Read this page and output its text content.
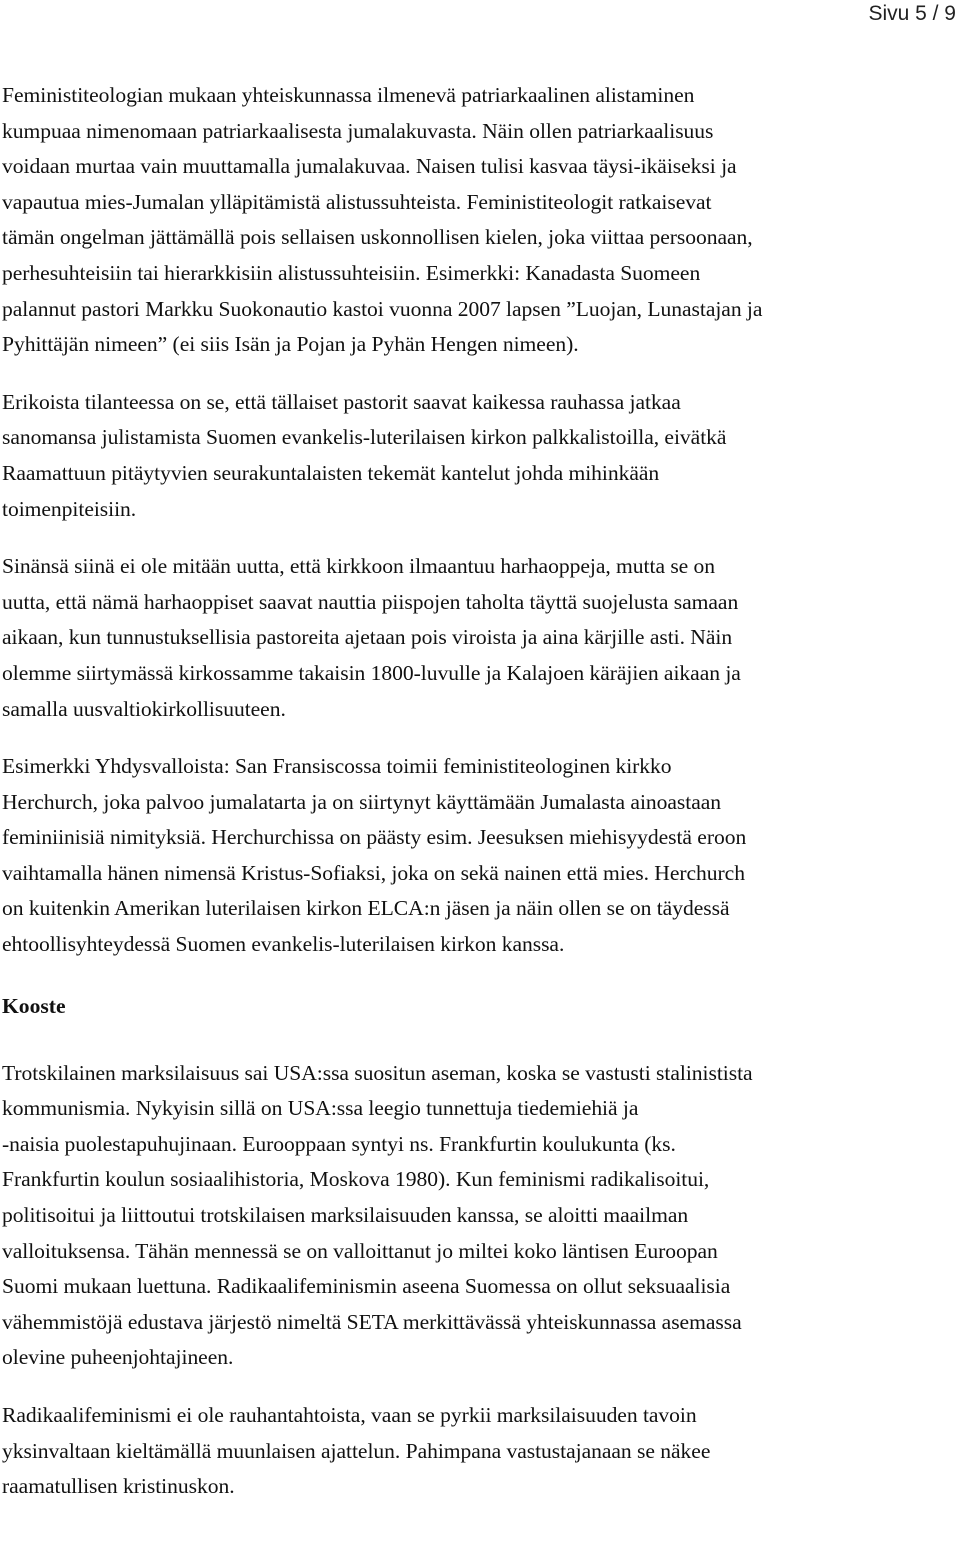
Sivu 5 / 9
Feministiteologian mukaan yhteiskunnassa ilmenevä patriarkaalinen alistaminen
kumpuaa nimenomaan patriarkaalisesta jumalakuvasta. Näin ollen patriarkaalisuus
voidaan murtaa vain muuttamalla jumalakuvaa. Naisen tulisi kasvaa täysi-ikäiseksi ja
vapautua mies-Jumalan ylläpitämistä alistussuhteista. Feministiteologit ratkaisevat
tämän ongelman jättämällä pois sellaisen uskonnollisen kielen, joka viittaa persoonaan,
perhesuhteisiin tai hierarkkisiin alistussuhteisiin. Esimerkki: Kanadasta Suomeen
palannut pastori Markku Suokonautio kastoi vuonna 2007 lapsen ”Luojan, Lunastajan ja
Pyhittäjän nimeen” (ei siis Isän ja Pojan ja Pyhän Hengen nimeen).
Erikoista tilanteessa on se, että tällaiset pastorit saavat kaikessa rauhassa jatkaa
sanomansa julistamista Suomen evankelis-luterilaisen kirkon palkkalistoilla, eivätkä
Raamattuun pitäytyvien seurakuntalaisten tekemät kantelut johda mihinkään
toimenpiteisiin.
Sinänsä siinä ei ole mitään uutta, että kirkkoon ilmaantuu harhaoppeja, mutta se on
uutta, että nämä harhaoppiset saavat nauttia piispojen taholta täyttä suojelusta samaan
aikaan, kun tunnustuksellisia pastoreita ajetaan pois viroista ja aina kärjille asti. Näin
olemme siirtymässä kirkossamme takaisin 1800-luvulle ja Kalajoen käräjien aikaan ja
samalla uusvaltiokirkollisuuteen.
Esimerkki Yhdysvalloista: San Fransiscossa toimii feministiteologinen kirkko
Herchurch, joka palvoo jumalatarta ja on siirtynyt käyttämään Jumalasta ainoastaan
feminiinisiä nimityksiä. Herchurchissa on päästy esim. Jeesuksen miehisyydestä eroon
vaihtamalla hänen nimensä Kristus-Sofiaksi, joka on sekä nainen että mies. Herchurch
on kuitenkin Amerikan luterilaisen kirkon ELCA:n jäsen ja näin ollen se on täydessä
ehtoollisyhteydessä Suomen evankelis-luterilaisen kirkon kanssa.
Kooste
Trotskilainen marksilaisuus sai USA:ssa suositun aseman, koska se vastusti stalinistista
kommunismia. Nykyisin sillä on USA:ssa leegio tunnettuja tiedemiehiä ja
-naisia puolestapuhujinaan. Eurooppaan syntyi ns. Frankfurtin koulukunta (ks.
Frankfurtin koulun sosiaalihistoria, Moskova 1980). Kun feminismi radikalisoitui,
politisoitui ja liittoutui trotskilaisen marksilaisuuden kanssa, se aloitti maailman
valloituksensa. Tähän mennessä se on valloittanut jo miltei koko läntisen Euroopan
Suomi mukaan luettuna. Radikaalifeminismin aseena Suomessa on ollut seksuaalisia
vähemmistöjä edustava järjestö nimeltä SETA merkittävässä yhteiskunnassa asemassa
olevine puheenjohtajineen.
Radikaalifeminismi ei ole rauhantahtoista, vaan se pyrkii marksilaisuuden tavoin
yksinvaltaan kieltämällä muunlaisen ajattelun. Pahimpana vastustajanaan se näkee
raamatullisen kristinuskon.
